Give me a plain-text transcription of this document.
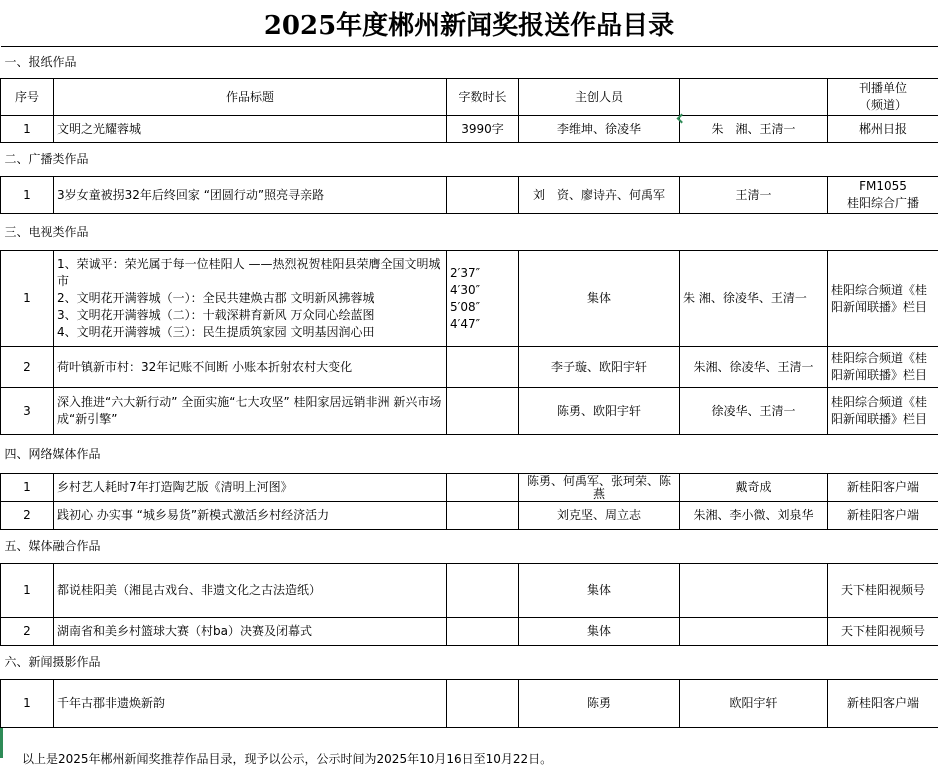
2025年度郴州新闻奖报送作品目录
一、报纸作品					
序号	作品标题	字数时长	主创人员		刊播单位
（频道）

1	文明之光耀蓉城	3990字	李维坤、徐凌华	朱　湘、王清一	郴州日报
二、广播类作品					
1	3岁女童被拐32年后终回家 “团圆行动”照亮寻亲路		刘　资、廖诗卉、何禹军	王清一	FM1055
桂阳综合广播

三、电视类作品					
1	1、荣诚平：荣光属于每一位桂阳人 ——热烈祝贺桂阳县荣膺全国文明城市
2、文明花开满蓉城（一）：全民共建焕古郡 文明新风拂蓉城
3、文明花开满蓉城（二）：十载深耕育新风 万众同心绘蓝图
4、文明花开满蓉城（三）：民生提质筑家园 文明基因润心田	2′37″
4′30″
5′08″
4′47″	集体	朱 湘、徐凌华、王清一	桂阳综合频道《桂阳新闻联播》栏目
2	荷叶镇新市村：32年记账不间断 小账本折射农村大变化		李子璇、欧阳宇轩	朱湘、徐凌华、王清一	桂阳综合频道《桂阳新闻联播》栏目
3	深入推进“六大新行动” 全面实施“七大攻坚” 桂阳家居远销非洲 新兴市场成“新引擎”		陈勇、欧阳宇轩	徐凌华、王清一	桂阳综合频道《桂阳新闻联播》栏目
四、网络媒体作品					
1	乡村艺人耗时7年打造陶艺版《清明上河图》		陈勇、何禹军、张珂荣、陈燕	戴奇成	新桂阳客户端
2	践初心 办实事 “城乡易货”新模式激活乡村经济活力		刘克坚、周立志	朱湘、李小微、刘泉华	新桂阳客户端
五、媒体融合作品					
1	都说桂阳美（湘昆古戏台、非遗文化之古法造纸）		集体		天下桂阳视频号
2	湖南省和美乡村篮球大赛（村ba）决赛及闭幕式		集体		天下桂阳视频号
六、新闻摄影作品					
1	千年古郡非遗焕新韵		陈勇	欧阳宇轩	新桂阳客户端
以上是2025年郴州新闻奖推荐作品目录，现予以公示，公示时间为2025年10月16日至10月22日。
